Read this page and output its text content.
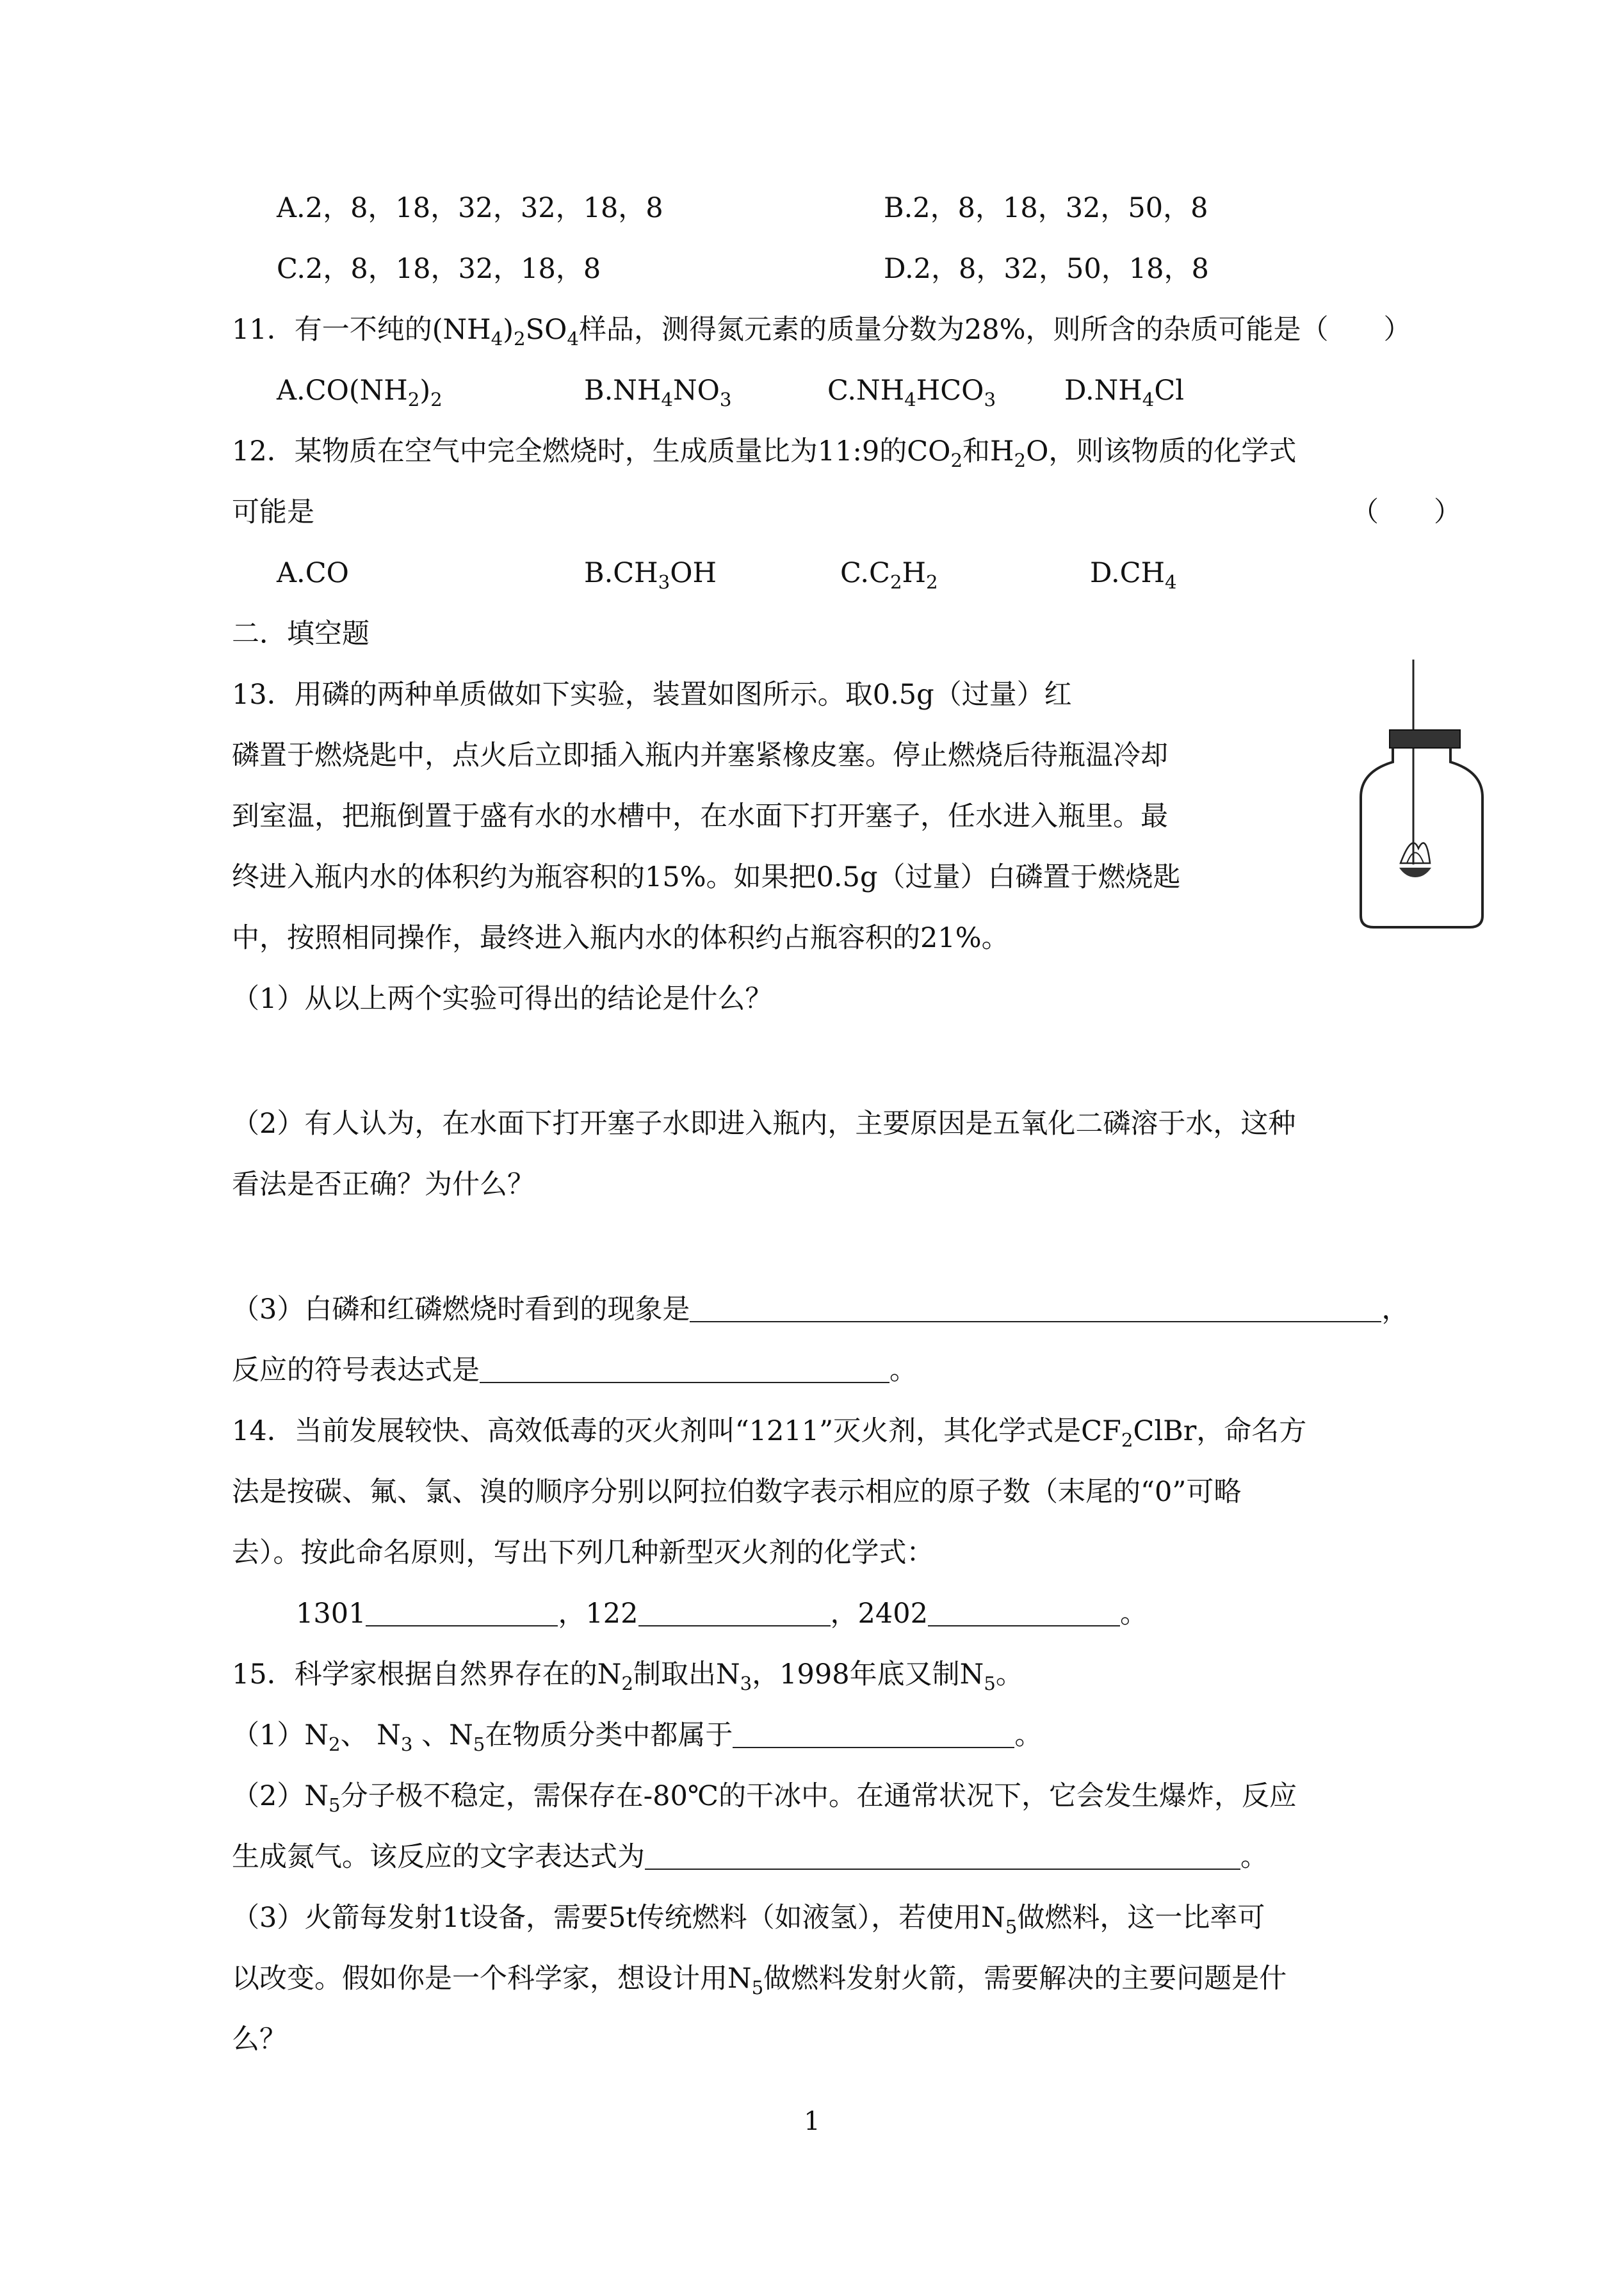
A.2，8，18，32，32，18，8	B.2，8，18，32，50，8
C.2，8，18，32，18，8	D.2，8，32，50，18，8
11．有一不纯的$(NH_4)_2SO_4$样品，测得氮元素的质量分数为28%，则所含的杂质可能是（　　）
$A.CO(NH_2)_2$	$B.NH_4NO_3$	$C.NH_4HCO_3$ $D.NH_4Cl$
12．某物质在空气中完全燃烧时，生成质量比为11:9的$CO_2$和$H_2O$，则该物质的化学式
可能是	（　　）
A.CO	$B.CH_3OH$	$C.C_2H_2$	$D.CH_4$
二．填空题
13．用磷的两种单质做如下实验，装置如图所示。取0.5g（过量）红
磷置于燃烧匙中，点火后立即插入瓶内并塞紧橡皮塞。停止燃烧后待瓶温冷却
到室温，把瓶倒置于盛有水的水槽中，在水面下打开塞子，任水进入瓶里。最
终进入瓶内水的体积约为瓶容积的15%。如果把0.5g（过量）白磷置于燃烧匙
中，按照相同操作，最终进入瓶内水的体积约占瓶容积的21%。
（1）从以上两个实验可得出的结论是什么？
（2）有人认为，在水面下打开塞子水即进入瓶内，主要原因是五氧化二磷溶于水，这种
看法是否正确？为什么？
（3）白磷和红磷燃烧时看到的现象是	，
反应的符号表达式是	。
14．当前发展较快、高效低毒的灭火剂叫“1211”灭火剂，其化学式是$CF_2ClBr$，命名方
法是按碳、氟、氯、溴的顺序分别以阿拉伯数字表示相应的原子数（末尾的“0”可略
去）。按此命名原则，写出下列几种新型灭火剂的化学式：
1301	，122	，2402	。
15．科学家根据自然界存在的$N_2$制取出$N_3$，1998年底又制$N_5$。
$(1)N_2$、 $N_3$ 、$N_5$在物质分类中都属于	。
$(2)N_5$分子极不稳定，需保存在-80℃的干冰中。在通常状况下，它会发生爆炸，反应
生成氮气。该反应的文字表达式为	。
（3）火箭每发射1t设备，需要5t传统燃料（如液氢），若使用$N_5$做燃料，这一比率可
以改变。假如你是一个科学家，想设计用$N_5$做燃料发射火箭，需要解决的主要问题是什
么？
1
